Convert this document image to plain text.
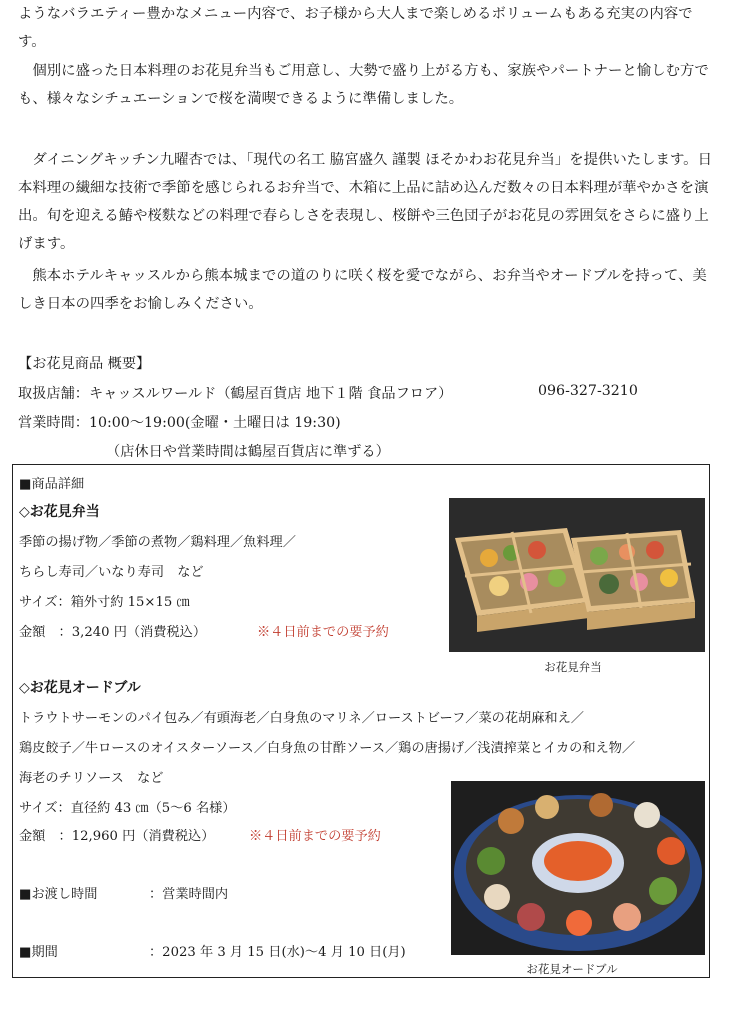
ようなバラエティー豊かなメニュー内容で、お子様から大人まで楽しめるボリュームもある充実の内容です。

個別に盛った日本料理のお花見弁当もご用意し、大勢で盛り上がる方も、家族やパートナーと愉しむ方でも、様々なシチュエーションで桜を満喫できるように準備しました。

ダイニングキッチン九曜杏では、「現代の名工 脇宮盛久 謹製 ほそかわお花見弁当」を提供いたします。日本料理の繊細な技術で季節を感じられるお弁当で、木箱に上品に詰め込んだ数々の日本料理が華やかさを演出。旬を迎える鰆や桜麩などの料理で春らしさを表現し、桜餅や三色団子がお花見の雰囲気をさらに盛り上げます。

熊本ホテルキャッスルから熊本城までの道のりに咲く桜を愛でながら、お弁当やオードブルを持って、美しき日本の四季をお愉しみください。

【お花見商品 概要】
取扱店舗：キャッスルワールド（鶴屋百貨店 地下１階 食品フロア）	096-327-3210
営業時間：10:00～19:00(金曜・土曜日は 19:30)
（店休日や営業時間は鶴屋百貨店に準ずる）
■商品詳細
◇お花見弁当
季節の揚げ物／季節の煮物／鶏料理／魚料理／
ちらし寿司／いなり寿司　など
サイズ：箱外寸約 15×15 ㎝
金額　：3,240 円（消費税込）	※４日前までの要予約
お花見弁当
◇お花見オードブル
トラウトサーモンのパイ包み／有頭海老／白身魚のマリネ／ローストビーフ／菜の花胡麻和え／
鶏皮餃子／牛ロースのオイスターソース／白身魚の甘酢ソース／鶏の唐揚げ／浅漬搾菜とイカの和え物／
海老のチリソース　など
サイズ：直径約 43 ㎝（5～6 名様）
金額　：12,960 円（消費税込）	※４日前までの要予約
お花見オードブル
■お渡し時間	：営業時間内
■期間	：2023 年 3 月 15 日(水)～4 月 10 日(月)
